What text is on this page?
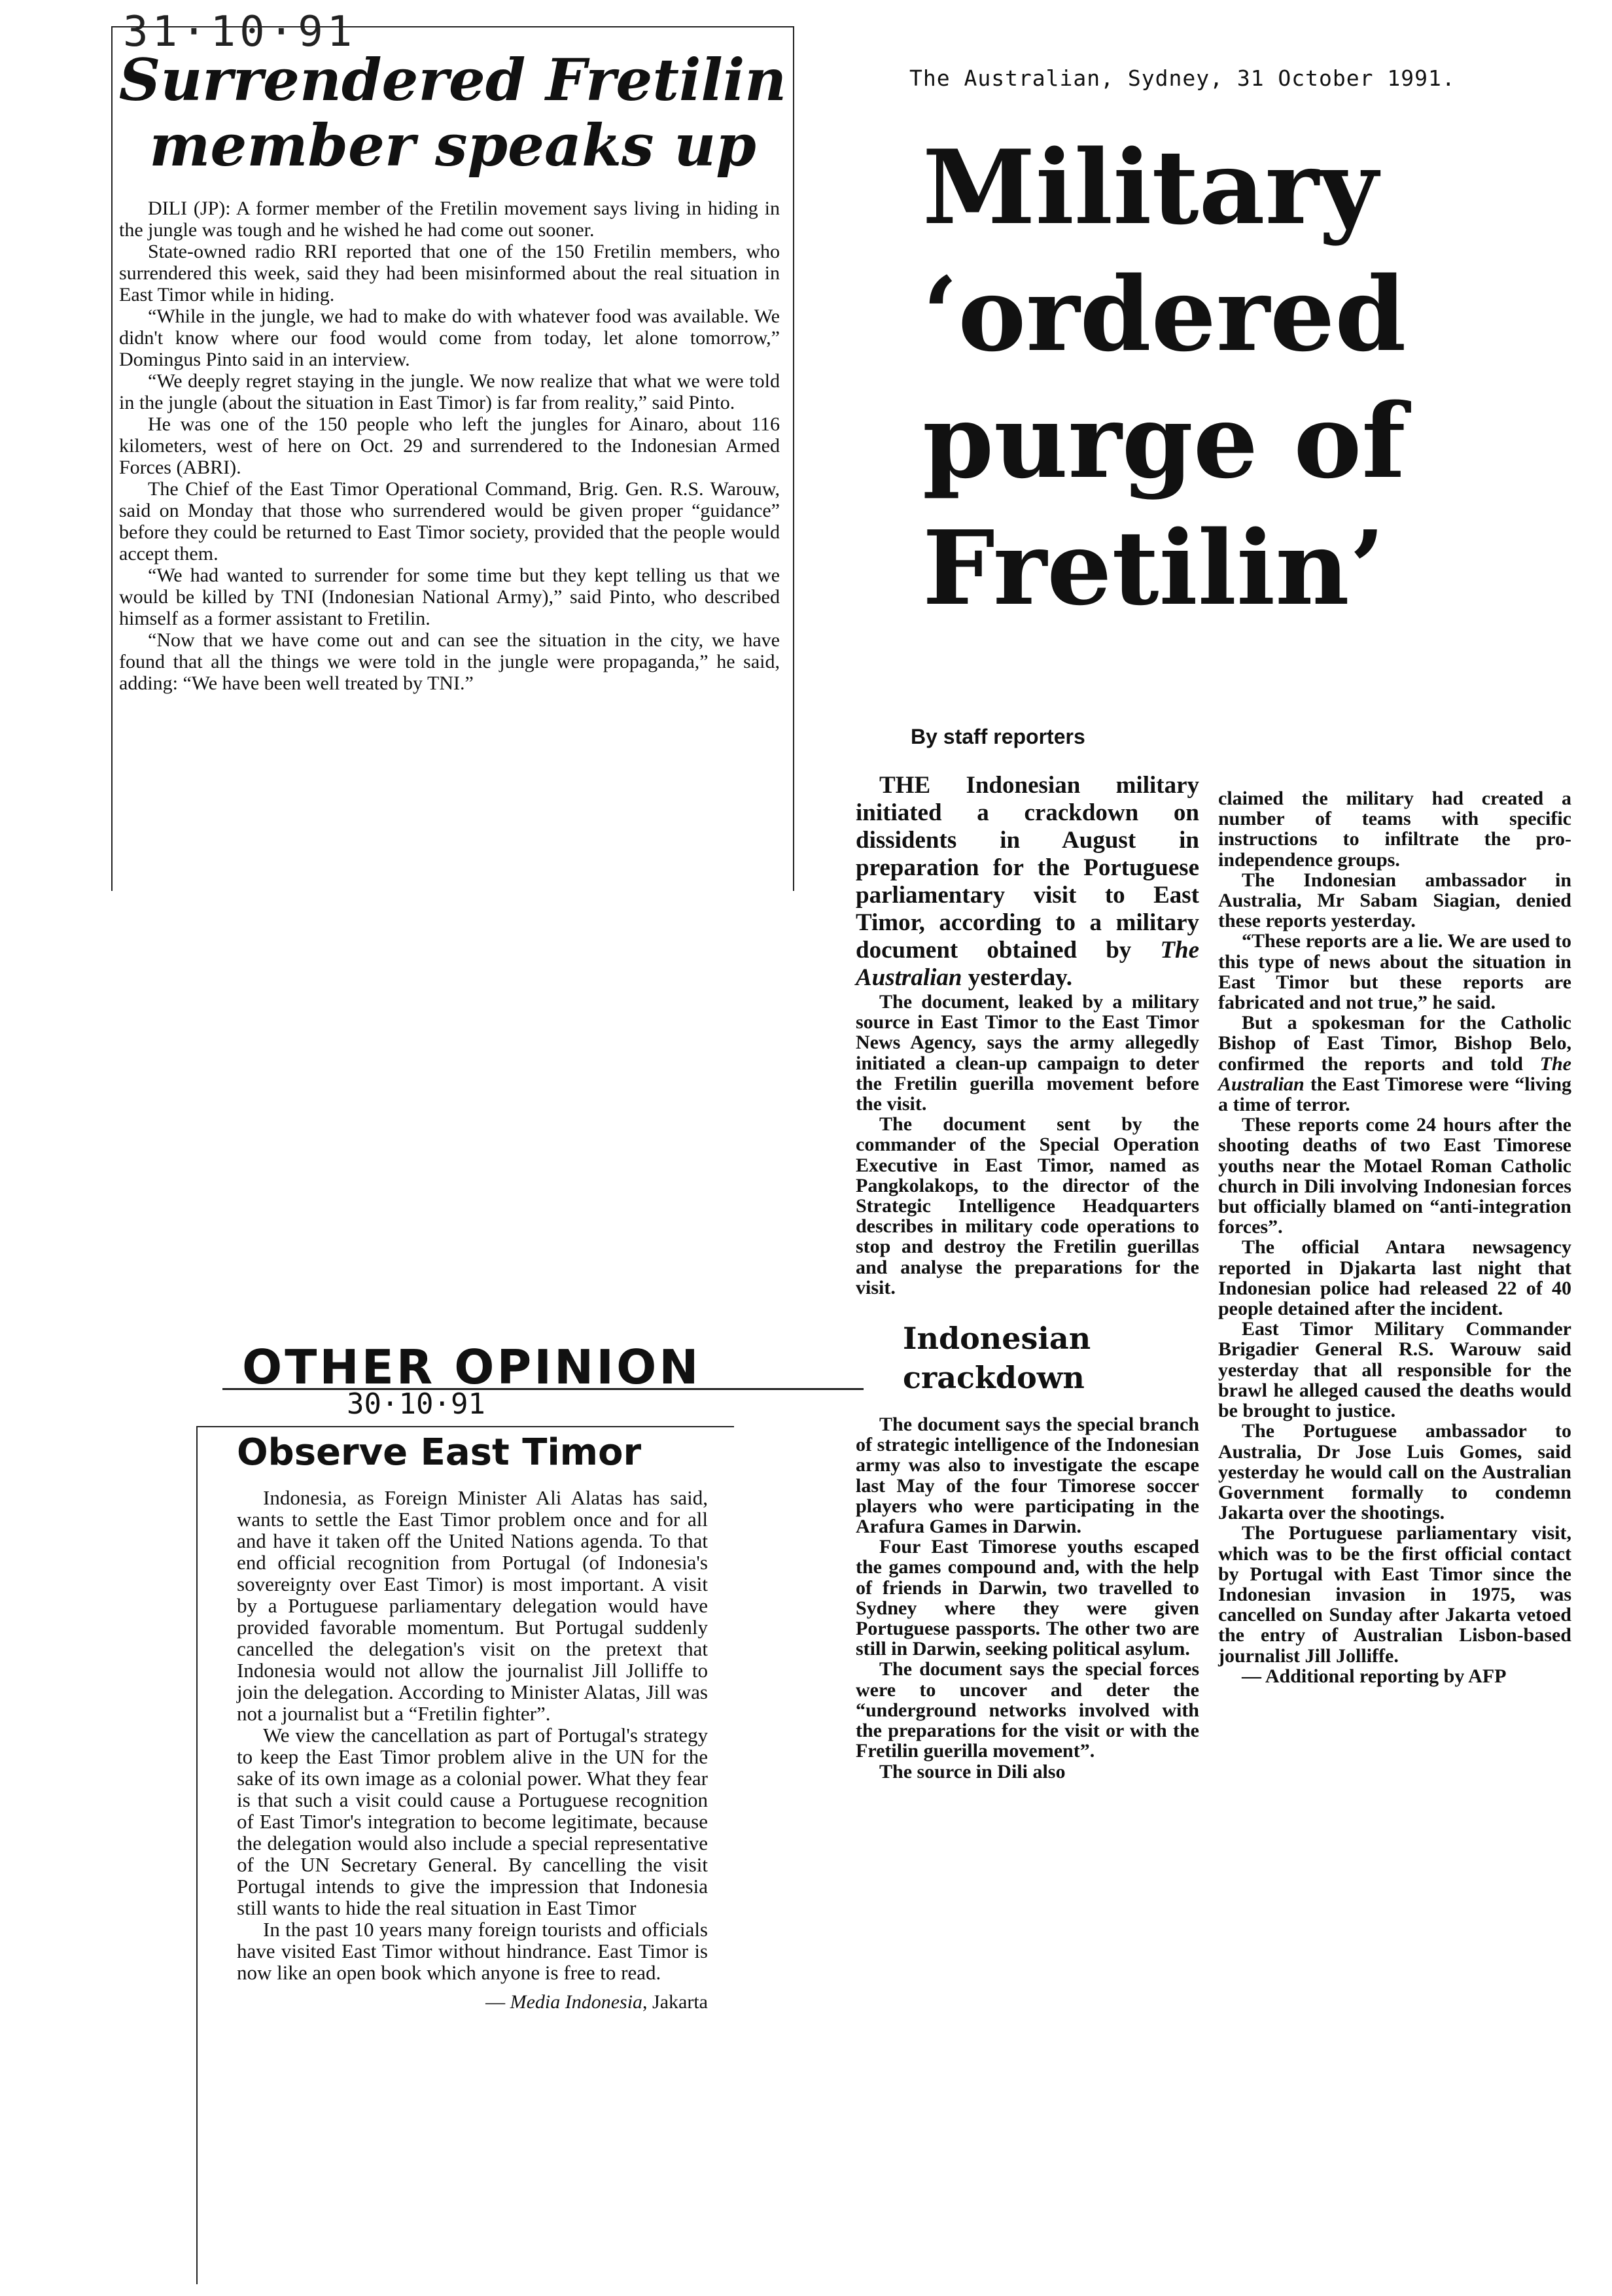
31·10·91
Surrendered Fretilin
member speaks up

DILI (JP): A former member of the Fretilin movement says living in hiding in the jungle was tough and he wished he had come out sooner.

State-owned radio RRI reported that one of the 150 Fretilin members, who surrendered this week, said they had been misinformed about the real situation in East Timor while in hiding.

“While in the jungle, we had to make do with whatever food was available. We didn't know where our food would come from today, let alone tomorrow,” Domingus Pinto said in an interview.

“We deeply regret staying in the jungle. We now realize that what we were told in the jungle (about the situation in East Timor) is far from reality,” said Pinto.

He was one of the 150 people who left the jungles for Ainaro, about 116 kilometers, west of here on Oct. 29 and surrendered to the Indonesian Armed Forces (ABRI).

The Chief of the East Timor Operational Command, Brig. Gen. R.S. Warouw, said on Monday that those who surrendered would be given proper “guidance” before they could be returned to East Timor society, provided that the people would accept them.

“We had wanted to surrender for some time but they kept telling us that we would be killed by TNI (Indonesian National Army),” said Pinto, who described himself as a former assistant to Fretilin.

“Now that we have come out and can see the situation in the city, we have found that all the things we were told in the jungle were propaganda,” he said, adding: “We have been well treated by TNI.”

The Australian, Sydney, 31 October 1991.
Military
‘ordered
purge of
Fretilin’
By staff reporters

THE Indonesian military initiated a crackdown on dissidents in August in preparation for the Portuguese parliamentary visit to East Timor, according to a military document obtained by The Australian yesterday.

The document, leaked by a military source in East Timor to the East Timor News Agency, says the army allegedly initiated a clean-up campaign to deter the Fretilin guerilla movement before the visit.

The document sent by the commander of the Special Operation Executive in East Timor, named as Pangkolakops, to the director of the Strategic Intelligence Headquarters describes in military code operations to stop and destroy the Fretilin guerillas and analyse the preparations for the visit.

Indonesian
crackdown

The document says the special branch of strategic intelligence of the Indonesian army was also to investigate the escape last May of the four Timorese soccer players who were participating in the Arafura Games in Darwin.

Four East Timorese youths escaped the games compound and, with the help of friends in Darwin, two travelled to Sydney where they were given Portuguese passports. The other two are still in Darwin, seeking political asylum.

The document says the special forces were to uncover and deter the “underground networks involved with the preparations for the visit or with the Fretilin guerilla movement”.

The source in Dili also

claimed the military had created a number of teams with specific instructions to infiltrate the pro-independence groups.

The Indonesian ambassador in Australia, Mr Sabam Siagian, denied these reports yesterday.

“These reports are a lie. We are used to this type of news about the situation in East Timor but these reports are fabricated and not true,” he said.

But a spokesman for the Catholic Bishop of East Timor, Bishop Belo, confirmed the reports and told The Australian the East Timorese were “living a time of terror.

These reports come 24 hours after the shooting deaths of two East Timorese youths near the Motael Roman Catholic church in Dili involving Indonesian forces but officially blamed on “anti-integration forces”.

The official Antara newsagency reported in Djakarta last night that Indonesian police had released 22 of 40 people detained after the incident.

East Timor Military Commander Brigadier General R.S. Warouw said yesterday that all responsible for the brawl he alleged caused the deaths would be brought to justice.

The Portuguese ambassador to Australia, Dr Jose Luis Gomes, said yesterday he would call on the Australian Government formally to condemn Jakarta over the shootings.

The Portuguese parliamentary visit, which was to be the first official contact by Portugal with East Timor since the Indonesian invasion in 1975, was cancelled on Sunday after Jakarta vetoed the entry of Australian Lisbon-based journalist Jill Jolliffe.

— Additional reporting by AFP

OTHER OPINION
30·10·91
Observe East Timor

Indonesia, as Foreign Minister Ali Alatas has said, wants to settle the East Timor problem once and for all and have it taken off the United Nations agenda. To that end official recognition from Portugal (of Indonesia's sovereignty over East Timor) is most important. A visit by a Portuguese parliamentary delegation would have provided favorable momentum. But Portugal suddenly cancelled the delegation's visit on the pretext that Indonesia would not allow the journalist Jill Jolliffe to join the delegation. According to Minister Alatas, Jill was not a journalist but a “Fretilin fighter”.

We view the cancellation as part of Portugal's strategy to keep the East Timor problem alive in the UN for the sake of its own image as a colonial power. What they fear is that such a visit could cause a Portuguese recognition of East Timor's integration to become legitimate, because the delegation would also include a special representative of the UN Secretary General. By cancelling the visit Portugal intends to give the impression that Indonesia still wants to hide the real situation in East Timor

In the past 10 years many foreign tourists and officials have visited East Timor without hindrance. East Timor is now like an open book which anyone is free to read.

— Media Indonesia, Jakarta
